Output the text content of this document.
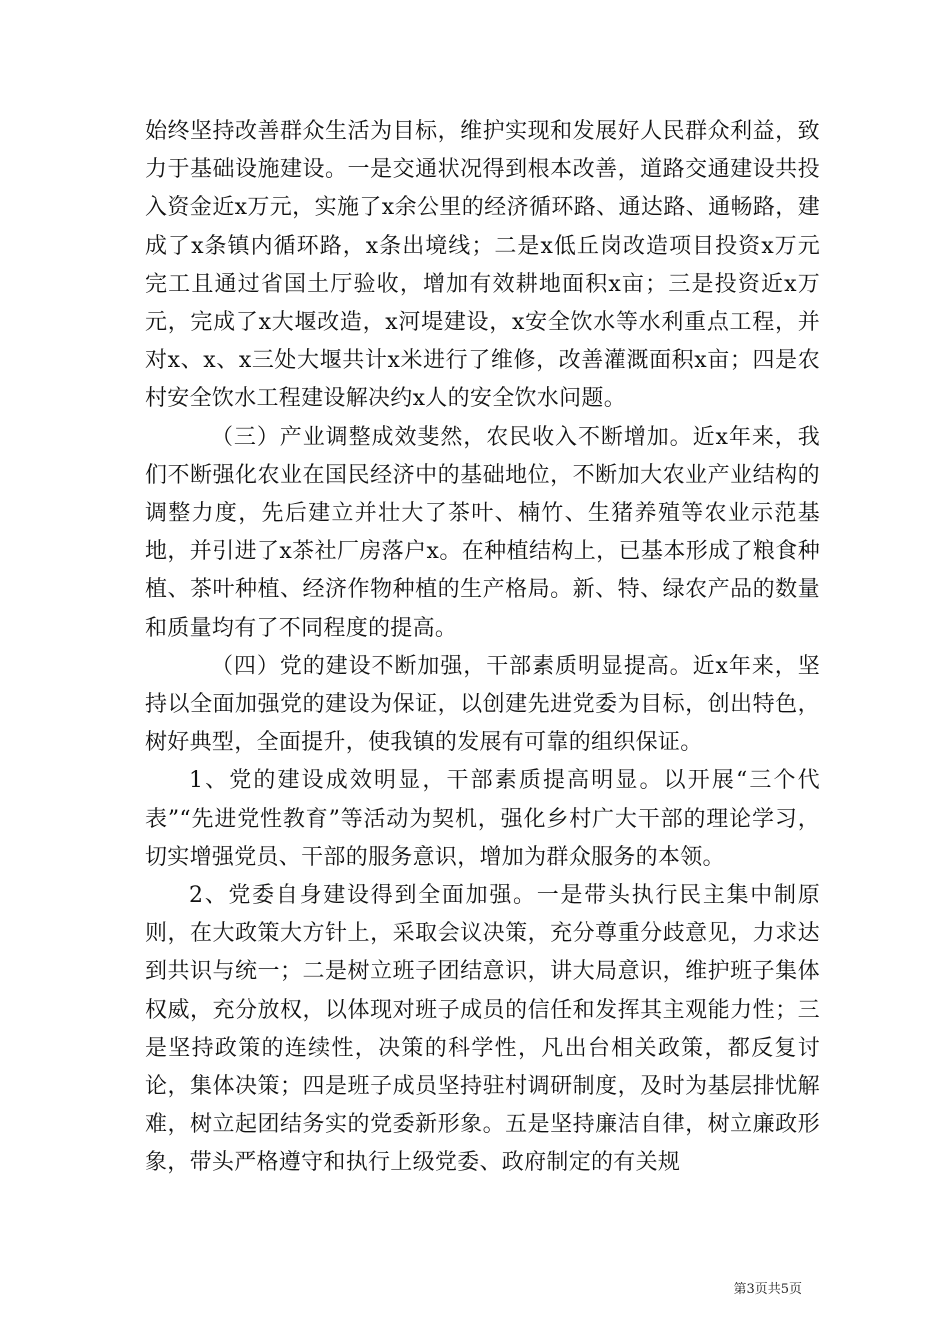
始终坚持改善群众生活为目标，维护实现和发展好人民群众利益，致力于基础设施建设。一是交通状况得到根本改善，道路交通建设共投入资金近x万元，实施了x余公里的经济循环路、通达路、通畅路，建成了x条镇内循环路，x条出境线；二是x低丘岗改造项目投资x万元完工且通过省国土厅验收，增加有效耕地面积x亩；三是投资近x万元，完成了x大堰改造，x河堤建设，x安全饮水等水利重点工程，并对x、x、x三处大堰共计x米进行了维修，改善灌溉面积x亩；四是农村安全饮水工程建设解决约x人的安全饮水问题。

（三）产业调整成效斐然，农民收入不断增加。近x年来，我们不断强化农业在国民经济中的基础地位，不断加大农业产业结构的调整力度，先后建立并壮大了茶叶、楠竹、生猪养殖等农业示范基地，并引进了x茶社厂房落户x。在种植结构上，已基本形成了粮食种植、茶叶种植、经济作物种植的生产格局。新、特、绿农产品的数量和质量均有了不同程度的提高。

（四）党的建设不断加强，干部素质明显提高。近x年来，坚持以全面加强党的建设为保证，以创建先进党委为目标，创出特色，树好典型，全面提升，使我镇的发展有可靠的组织保证。

1、党的建设成效明显，干部素质提高明显。以开展“三个代表”“先进党性教育”等活动为契机，强化乡村广大干部的理论学习，切实增强党员、干部的服务意识，增加为群众服务的本领。

2、党委自身建设得到全面加强。一是带头执行民主集中制原则，在大政策大方针上，采取会议决策，充分尊重分歧意见，力求达到共识与统一；二是树立班子团结意识，讲大局意识，维护班子集体权威，充分放权，以体现对班子成员的信任和发挥其主观能力性；三是坚持政策的连续性，决策的科学性，凡出台相关政策，都反复讨论，集体决策；四是班子成员坚持驻村调研制度，及时为基层排忧解难，树立起团结务实的党委新形象。五是坚持廉洁自律，树立廉政形象，带头严格遵守和执行上级党委、政府制定的有关规

第3页共5页
